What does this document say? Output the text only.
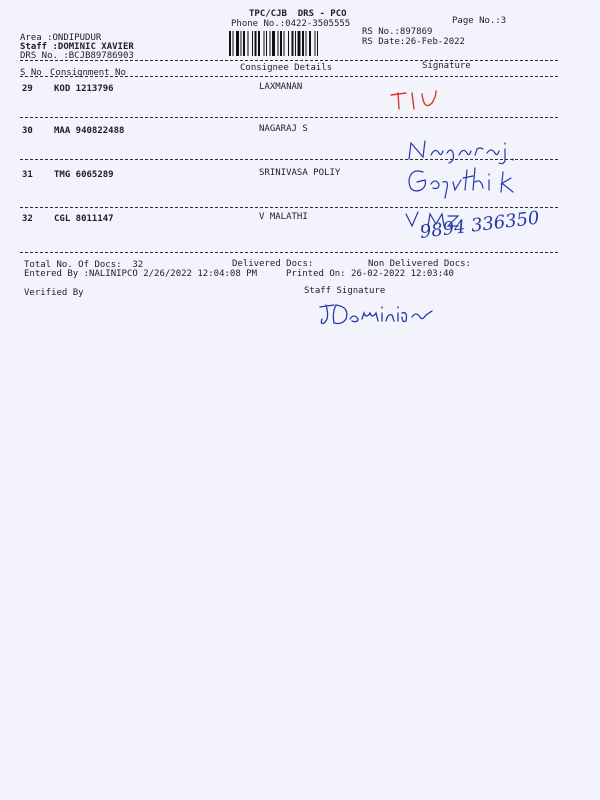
TPC/CJB  DRS - PCO
Phone No.:0422-3505555	Page No.:3
Area :ONDIPUDUR
Staff :DOMINIC XAVIER
DRS No. :BCJB89786903
RS No.:897869
RS Date:26-Feb-2022
S No Consignment No	Consignee Details	Signature
29 KOD 1213796	LAXMANAN
30 MAA 940822488	NAGARAJ S
31 TMG 6065289	SRINIVASA POLIY
32 CGL 8011147	V MALATHI	9894 336350
Total No. Of Docs:  32	Delivered Docs:	Non Delivered Docs:
Entered By :NALINIPCO 2/26/2022 12:04:08 PM	Printed On: 26-02-2022 12:03:40
Verified By	Staff Signature
